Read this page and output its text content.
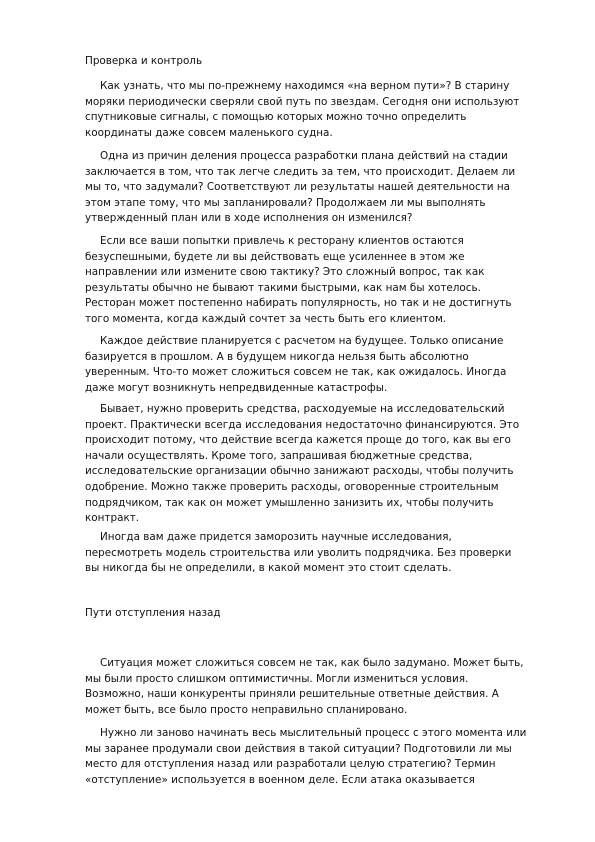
Проверка и контроль

Как узнать, что мы по-прежнему находимся «на верном пути»? В старину
моряки периодически сверяли свой путь по звездам. Сегодня они используют
спутниковые сигналы, с помощью которых можно точно определить
координаты даже совсем маленького судна.

Одна из причин деления процесса разработки плана действий на стадии
заключается в том, что так легче следить за тем, что происходит. Делаем ли
мы то, что задумали? Соответствуют ли результаты нашей деятельности на
этом этапе тому, что мы запланировали? Продолжаем ли мы выполнять
утвержденный план или в ходе исполнения он изменился?

Если все ваши попытки привлечь к ресторану клиентов остаются
безуспешными, будете ли вы действовать еще усиленнее в этом же
направлении или измените свою тактику? Это сложный вопрос, так как
результаты обычно не бывают такими быстрыми, как нам бы хотелось.
Ресторан может постепенно набирать популярность, но так и не достигнуть
того момента, когда каждый сочтет за честь быть его клиентом.

Каждое действие планируется с расчетом на будущее. Только описание
базируется в прошлом. А в будущем никогда нельзя быть абсолютно
уверенным. Что-то может сложиться совсем не так, как ожидалось. Иногда
даже могут возникнуть непредвиденные катастрофы.

Бывает, нужно проверить средства, расходуемые на исследовательский
проект. Практически всегда исследования недостаточно финансируются. Это
происходит потому, что действие всегда кажется проще до того, как вы его
начали осуществлять. Кроме того, запрашивая бюджетные средства,
исследовательские организации обычно занижают расходы, чтобы получить
одобрение. Можно также проверить расходы, оговоренные строительным
подрядчиком, так как он может умышленно занизить их, чтобы получить
контракт.

Иногда вам даже придется заморозить научные исследования,
пересмотреть модель строительства или уволить подрядчика. Без проверки
вы никогда бы не определили, в какой момент это стоит сделать.

Пути отступления назад

Ситуация может сложиться совсем не так, как было задумано. Может быть,
мы были просто слишком оптимистичны. Могли измениться условия.
Возможно, наши конкуренты приняли решительные ответные действия. А
может быть, все было просто неправильно спланировано.

Нужно ли заново начинать весь мыслительный процесс с этого момента или
мы заранее продумали свои действия в такой ситуации? Подготовили ли мы
место для отступления назад или разработали целую стратегию? Термин
«отступление» используется в военном деле. Если атака оказывается
